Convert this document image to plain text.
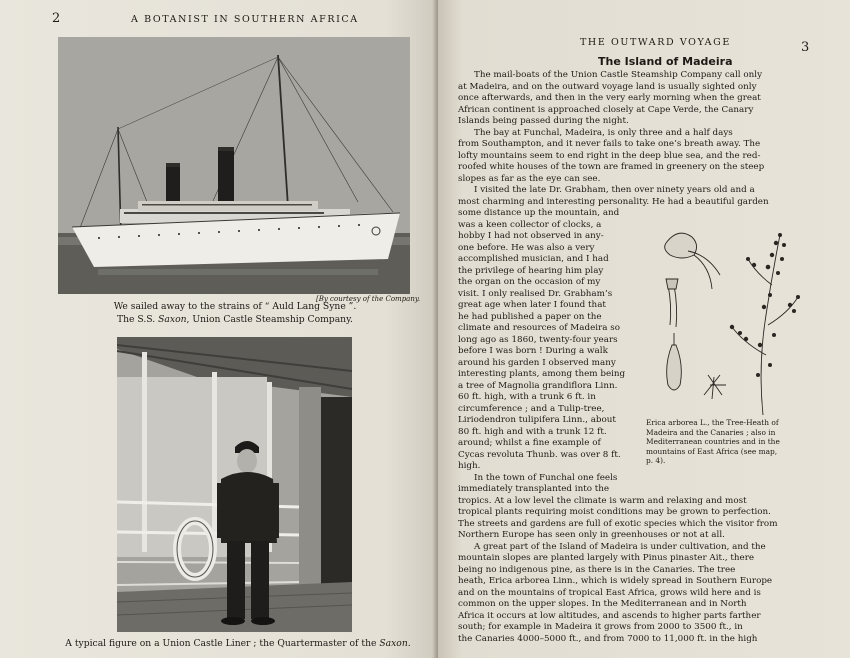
2	A BOTANIST IN SOUTHERN AFRICA
[By courtesy of the Company.
We sailed away to the strains of “ Auld Lang Syne ”.
The S.S. Saxon, Union Castle Steamship Company.
A typical figure on a Union Castle Liner ; the Quartermaster of the Saxon.
THE OUTWARD VOYAGE	3
The Island of Madeira
The mail-boats of the Union Castle Steamship Company call only
at Madeira, and on the outward voyage land is usually sighted only
once afterwards, and then in the very early morning when the great
African continent is approached closely at Cape Verde, the Canary
Islands being passed during the night.
The bay at Funchal, Madeira, is only three and a half days
from Southampton, and it never fails to take one’s breath away. The
lofty mountains seem to end right in the deep blue sea, and the red-
roofed white houses of the town are framed in greenery on the steep
slopes as far as the eye can see.
I visited the late Dr. Grabham, then over ninety years old and a
most charming and interesting personality. He had a beautiful garden
some distance up the mountain, and
was a keen collector of clocks, a
hobby I had not observed in any-
one before. He was also a very
accomplished musician, and I had
the privilege of hearing him play
the organ on the occasion of my
visit. I only realised Dr. Grabham’s
great age when later I found that
he had published a paper on the
climate and resources of Madeira so
long ago as 1860, twenty-four years
before I was born ! During a walk
around his garden I observed many
interesting plants, among them being
a tree of Magnolia grandiflora Linn.
60 ft. high, with a trunk 6 ft. in
circumference ; and a Tulip-tree,
Liriodendron tulipifera Linn., about
80 ft. high and with a trunk 12 ft.
around; whilst a fine example of
Cycas revoluta Thunb. was over 8 ft.
high.
In the town of Funchal one feels
immediately transplanted into the
Erica arborea L., the Tree-Heath of
Madeira and the Canaries ; also in
Mediterranean countries and in the
mountains of East Africa (see map,
p. 4).
tropics. At a low level the climate is warm and relaxing and most
tropical plants requiring moist conditions may be grown to perfection.
The streets and gardens are full of exotic species which the visitor from
Northern Europe has seen only in greenhouses or not at all.
A great part of the Island of Madeira is under cultivation, and the
mountain slopes are planted largely with Pinus pinaster Ait., there
being no indigenous pine, as there is in the Canaries. The tree
heath, Erica arborea Linn., which is widely spread in Southern Europe
and on the mountains of tropical East Africa, grows wild here and is
common on the upper slopes. In the Mediterranean and in North
Africa it occurs at low altitudes, and ascends to higher parts farther
south; for example in Madeira it grows from 2000 to 3500 ft., in
the Canaries 4000–5000 ft., and from 7000 to 11,000 ft. in the high
